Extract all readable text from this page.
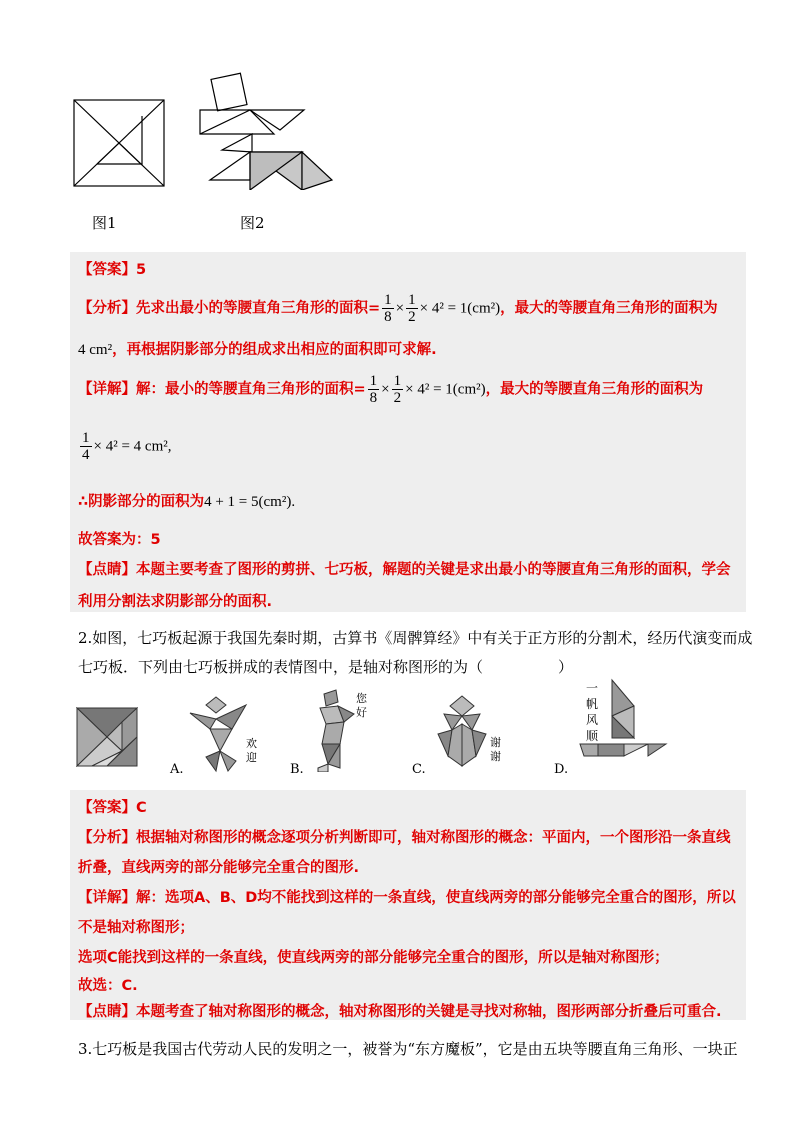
图1	图2
【答案】5
【分析】先求出最小的等腰直角三角形的面积= $\frac{1}{8} \times \frac{1}{2} \times 4^2 = 1(cm^2)$，最大的等腰直角三角形的面积为
4 cm²，再根据阴影部分的组成求出相应的面积即可求解.
【详解】解：最小的等腰直角三角形的面积= $\frac{1}{8} \times \frac{1}{2} \times 4^2 = 1(cm^2)$，最大的等腰直角三角形的面积为
$\frac{1}{4} \times 4^2 = 4$ cm²,
∴阴影部分的面积为4 + 1 = 5(cm²).
故答案为：5
【点睛】本题主要考查了图形的剪拼、七巧板，解题的关键是求出最小的等腰直角三角形的面积，学会
利用分割法求阴影部分的面积.
2.如图，七巧板起源于我国先秦时期，古算书《周髀算经》中有关于正方形的分割术，经历代演变而成
七巧板．下列由七巧板拼成的表情图中，是轴对称图形的为（　　　　　）
欢
迎
A.
您
好
B.
谢
谢
C.
一
帆
风
顺
D.
【答案】C
【分析】根据轴对称图形的概念逐项分析判断即可，轴对称图形的概念：平面内，一个图形沿一条直线
折叠，直线两旁的部分能够完全重合的图形.
【详解】解：选项A、B、D均不能找到这样的一条直线，使直线两旁的部分能够完全重合的图形，所以
不是轴对称图形；
选项C能找到这样的一条直线，使直线两旁的部分能够完全重合的图形，所以是轴对称图形；
故选：C.
【点睛】本题考查了轴对称图形的概念，轴对称图形的关键是寻找对称轴，图形两部分折叠后可重合.
3.七巧板是我国古代劳动人民的发明之一，被誉为“东方魔板”，它是由五块等腰直角三角形、一块正
